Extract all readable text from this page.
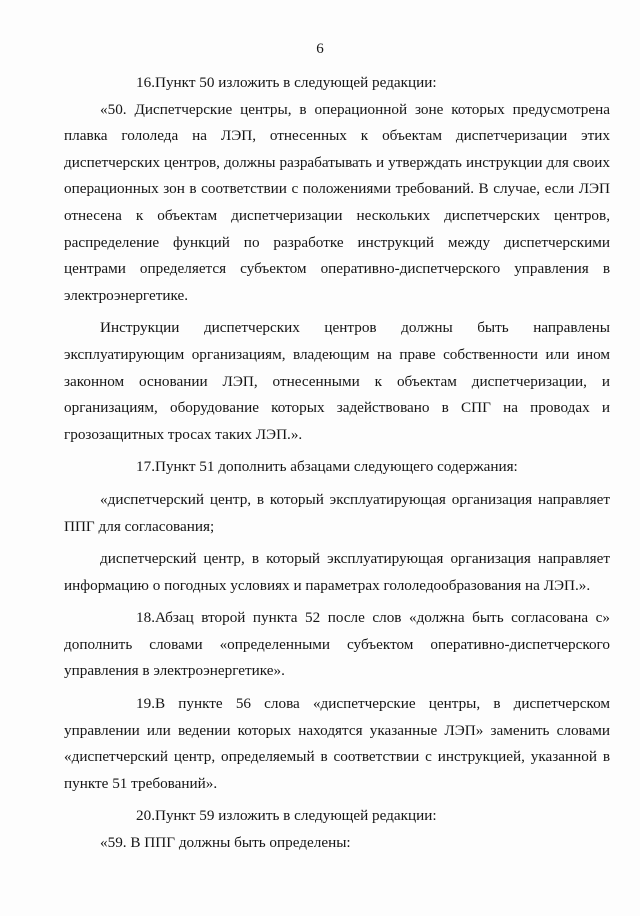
6

16.Пункт 50 изложить в следующей редакции:

«50. Диспетчерские центры, в операционной зоне которых предусмотрена плавка гололеда на ЛЭП, отнесенных к объектам диспетчеризации этих диспетчерских центров, должны разрабатывать и утверждать инструкции для своих операционных зон в соответствии с положениями требований. В случае, если ЛЭП отнесена к объектам диспетчеризации нескольких диспетчерских центров, распределение функций по разработке инструкций между диспетчерскими центрами определяется субъектом оперативно-диспетчерского управления в электроэнергетике.

Инструкции диспетчерских центров должны быть направлены эксплуатирующим организациям, владеющим на праве собственности или ином законном основании ЛЭП, отнесенными к объектам диспетчеризации, и организациям, оборудование которых задействовано в СПГ на проводах и грозозащитных тросах таких ЛЭП.».

17.Пункт 51 дополнить абзацами следующего содержания:

«диспетчерский центр, в который эксплуатирующая организация направляет ППГ для согласования;

диспетчерский центр, в который эксплуатирующая организация направляет информацию о погодных условиях и параметрах гололедообразования на ЛЭП.».

18.Абзац второй пункта 52 после слов «должна быть согласована с» дополнить словами «определенными субъектом оперативно-диспетчерского управления в электроэнергетике».

19.В пункте 56 слова «диспетчерские центры, в диспетчерском управлении или ведении которых находятся указанные ЛЭП» заменить словами «диспетчерский центр, определяемый в соответствии с инструкцией, указанной в пункте 51 требований».

20.Пункт 59 изложить в следующей редакции:

«59. В ППГ должны быть определены:
